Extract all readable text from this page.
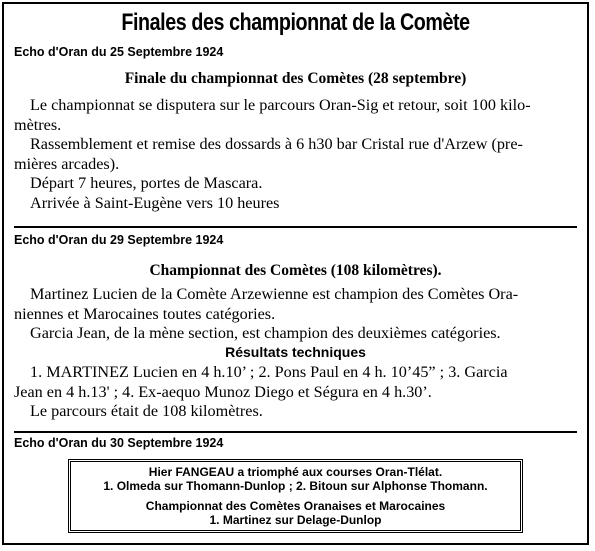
Finales des championnat de la Comète
Echo d'Oran du 25 Septembre 1924
Finale du championnat des Comètes (28 septembre)
Le championnat se disputera sur le parcours Oran-Sig et retour, soit 100 kilo-
mètres.
Rassemblement et remise des dossards à 6 h30 bar Cristal rue d'Arzew (pre-
mières arcades).
Départ 7 heures, portes de Mascara.
Arrivée à Saint-Eugène vers 10 heures
Echo d'Oran du 29 Septembre 1924
Championnat des Comètes (108 kilomètres).
Martinez Lucien de la Comète Arzewienne est champion des Comètes Ora-
niennes et Marocaines toutes catégories.
Garcia Jean, de la mène section, est champion des deuxièmes catégories.
Résultats techniques
1. MARTINEZ Lucien en 4 h.10’ ; 2. Pons Paul en 4 h. 10’45” ; 3. Garcia
Jean en 4 h.13' ; 4. Ex-aequo Munoz Diego et Ségura en 4 h.30’.
Le parcours était de 108 kilomètres.
Echo d'Oran du 30 Septembre 1924
Hier FANGEAU a triomphé aux courses Oran-Tlélat.
1. Olmeda sur Thomann-Dunlop ; 2. Bitoun sur Alphonse Thomann.
Championnat des Comètes Oranaises et Marocaines
1. Martinez sur Delage-Dunlop
